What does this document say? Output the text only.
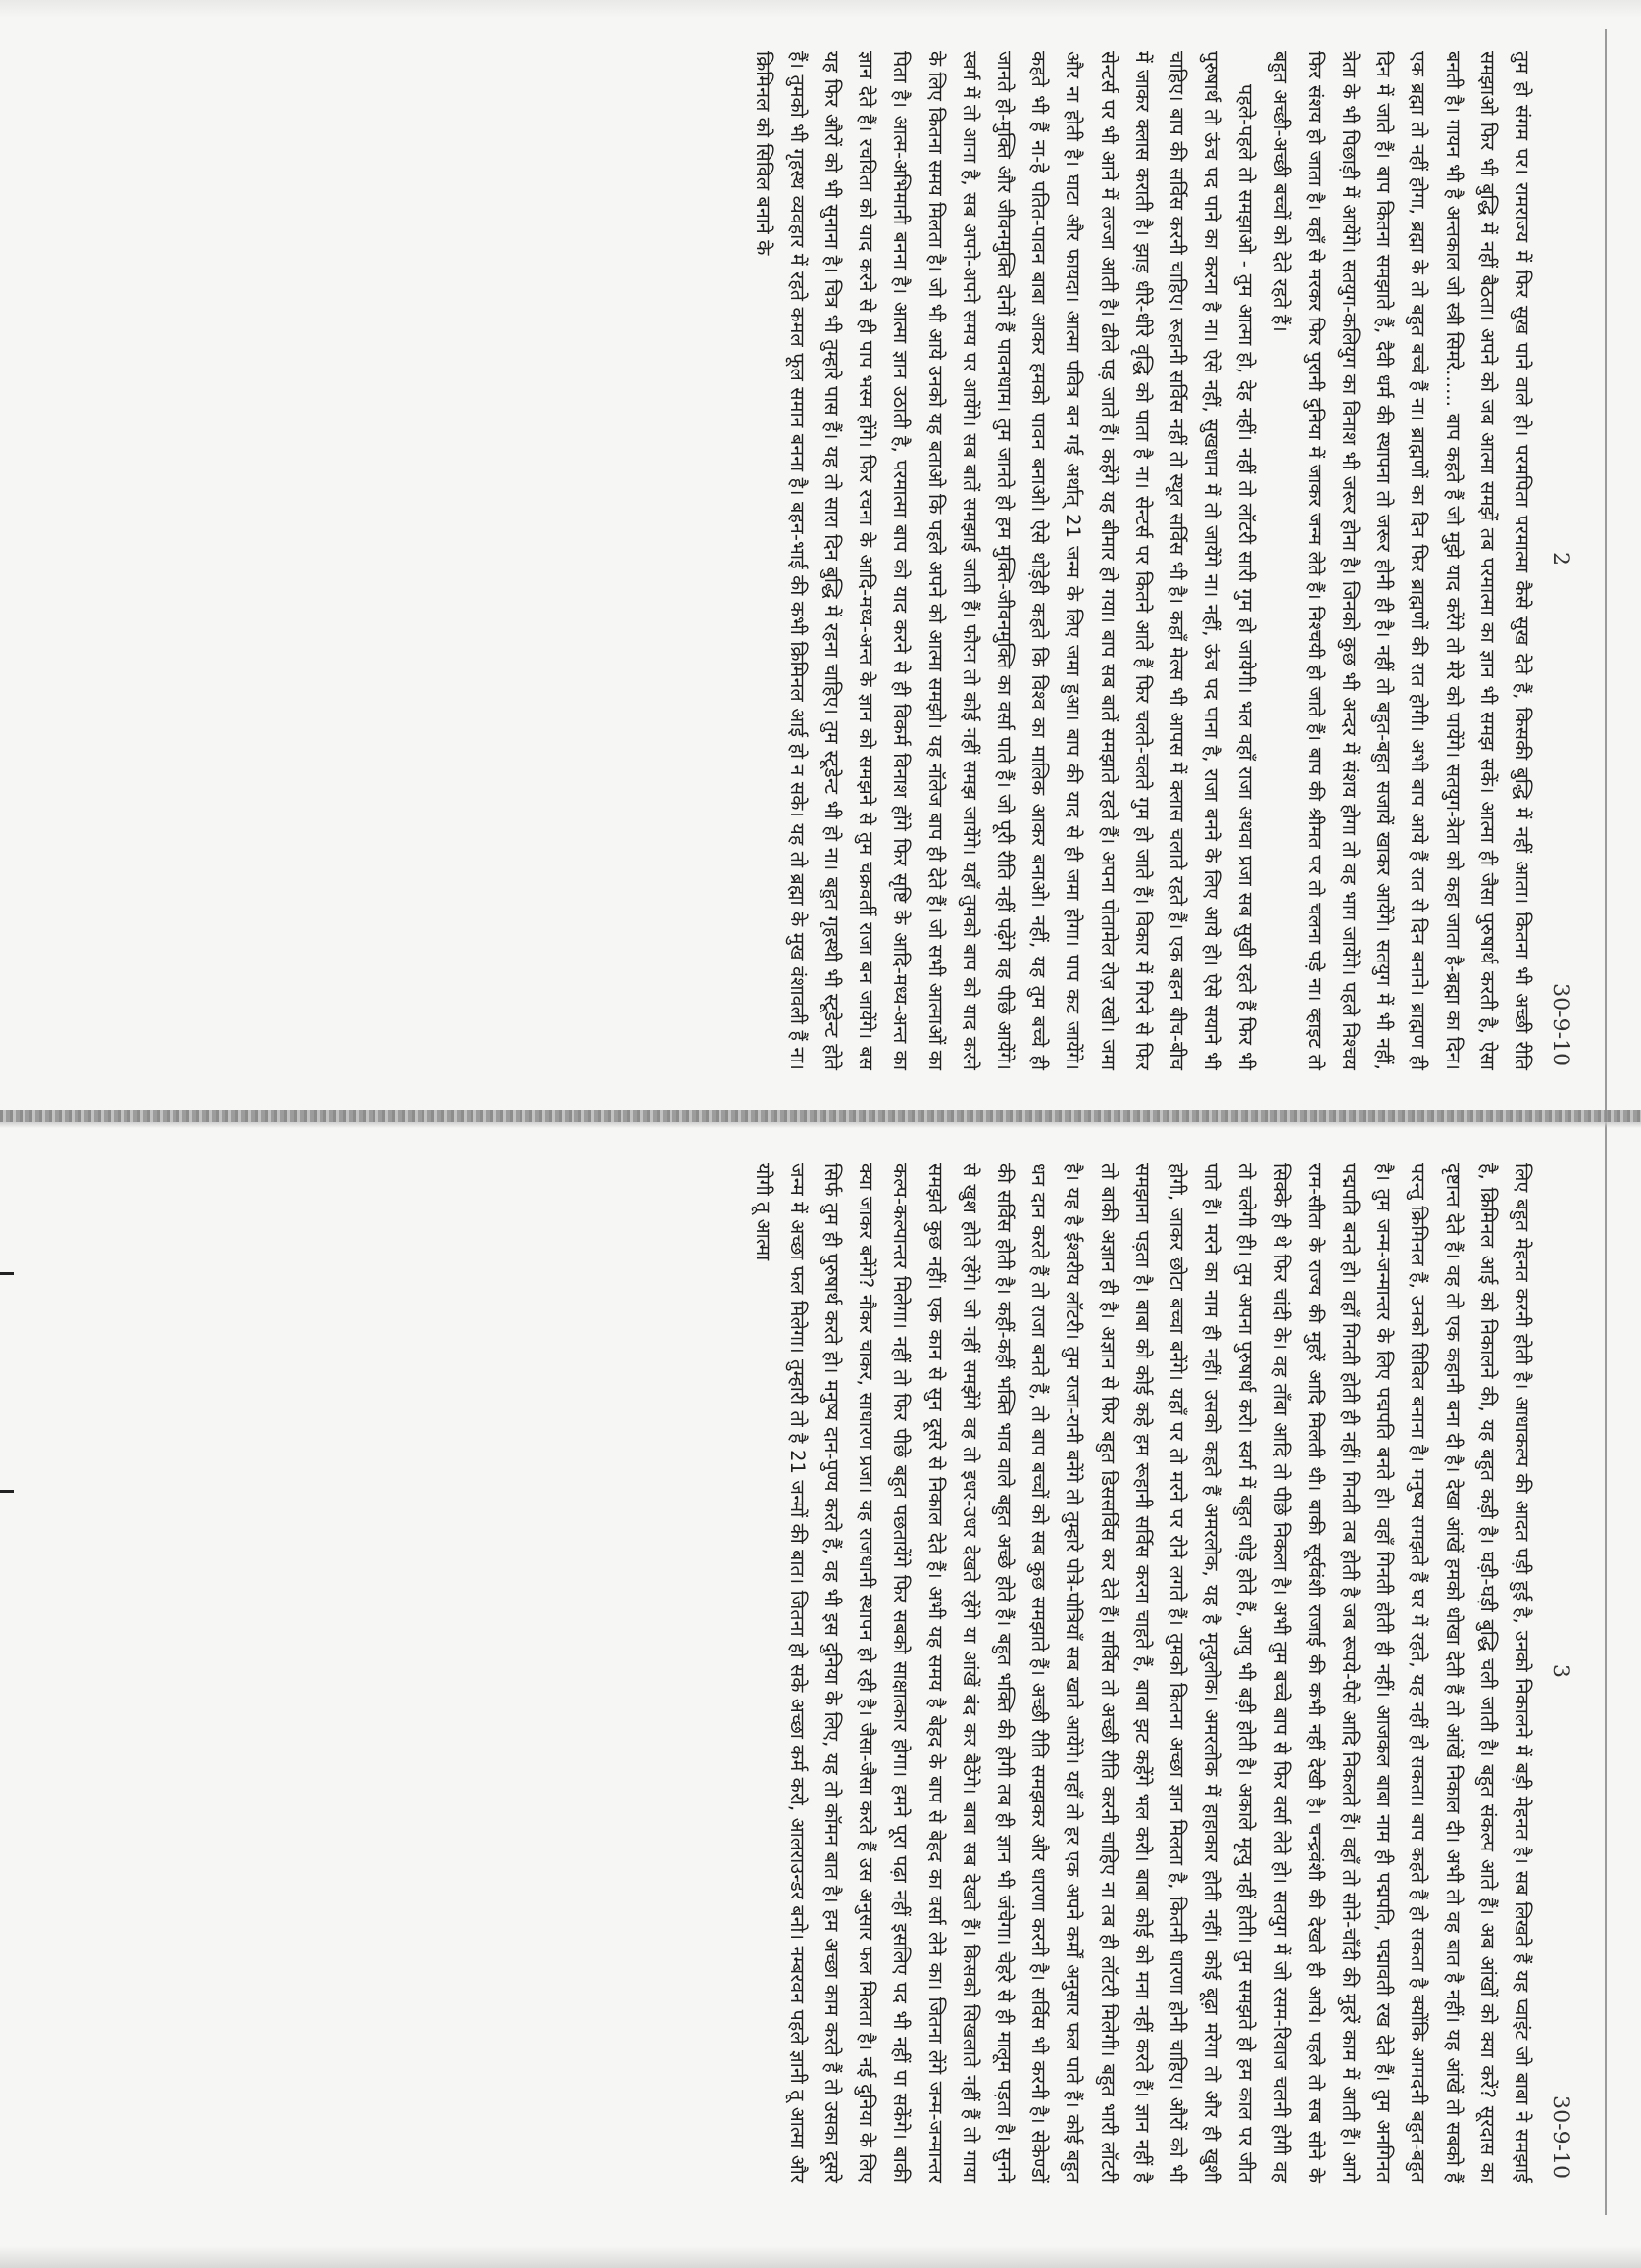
2
30-9-10

तुम हो संगम पर। रामराज्य में फिर सुख पाने वाले हो। परमपिता परमात्मा कैसे सुख देते हैं, किसकी बुद्धि में नहीं आता। कितना भी अच्छी रीति समझाओ फिर भी बुद्धि में नहीं बैठता। अपने को जब आत्मा समझें तब परमात्मा का ज्ञान भी समझ सकें। आत्मा ही जैसा पुरुषार्थ करती है, ऐसा बनती है। गायन भी है अन्तकाल जो स्त्री सिमरे...... बाप कहते हैं जो मुझे याद करेंगे तो मेरे को पायेंगे। सतयुग-त्रेता को कहा जाता है-ब्रह्मा का दिन। एक ब्रह्मा तो नहीं होगा, ब्रह्मा के तो बहुत बच्चे हैं ना। ब्राह्मणों का दिन फिर ब्राह्मणों की रात होगी। अभी बाप आये हैं रात से दिन बनाने। ब्राह्मण ही दिन में जाते हैं। बाप कितना समझाते हैं, दैवी धर्म की स्थापना तो जरूर होनी ही है। नहीं तो बहुत-बहुत सजायें खाकर आयेंगे। सतयुग में भी नहीं, त्रेता के भी पिछाड़ी में आयेंगे। सतयुग-कलियुग का विनाश भी जरूर होना है। जिनको कुछ भी अन्दर में संशय होगा तो वह भाग जायेंगे। पहले निश्चय फिर संशय हो जाता है। वहाँ से मरकर फिर पुरानी दुनिया में जाकर जन्म लेते हैं। निश्चयी हो जाते हैं। बाप की श्रीमत पर तो चलना पड़े ना। व्हाइट तो बहुत अच्छी-अच्छी बच्चों को देते रहते हैं।

पहले-पहले तो समझाओ - तुम आत्मा हो, देह नहीं। नहीं तो लॉटरी सारी गुम हो जायेगी। भल वहाँ राजा अथवा प्रजा सब सुखी रहते हैं फिर भी पुरुषार्थ तो ऊंच पद पाने का करना है ना। ऐसे नहीं, सुखधाम में तो जायेंगे ना। नहीं, ऊंच पद पाना है, राजा बनने के लिए आये हो। ऐसे सयाने भी चाहिए। बाप की सर्विस करनी चाहिए। रूहानी सर्विस नहीं तो स्थूल सर्विस भी है। कहाँ मेल्स भी आपस में क्लास चलाते रहते हैं। एक बहन बीच-बीच में जाकर क्लास कराती है। झाड़ धीरे-धीरे वृद्धि को पाता है ना। सेन्टर्स पर कितने आते हैं फिर चलते-चलते गुम हो जाते हैं। विकार में गिरने से फिर सेन्टर्स पर भी आने में लज्जा आती है। ढीले पड़ जाते हैं। कहेंगे यह बीमार हो गया। बाप सब बातें समझाते रहते हैं। अपना पोतामेल रोज़ रखो। जमा और ना होती है। घाटा और फायदा। आत्मा पवित्र बन गई अर्थात् 21 जन्म के लिए जमा हुआ। बाप की याद से ही जमा होगा। पाप कट जायेंगे। कहते भी हैं ना-हे पतित-पावन बाबा आकर हमको पावन बनाओ। ऐसे थोड़ेही कहते कि विश्व का मालिक आकर बनाओ। नहीं, यह तुम बच्चे ही जानते हो-मुक्ति और जीवनमुक्ति दोनों हैं पावनधाम। तुम जानते हो हम मुक्ति-जीवनमुक्ति का वर्सा पाते हैं। जो पूरी रीति नहीं पढ़ेंगे वह पीछे आयेंगे। स्वर्ग में तो आना है, सब अपने-अपने समय पर आयेंगे। सब बातें समझाई जाती हैं। फौरन तो कोई नहीं समझ जायेंगे। यहाँ तुमको बाप को याद करने के लिए कितना समय मिलता है। जो भी आये उनको यह बताओ कि पहले अपने को आत्मा समझो। यह नॉलेज बाप ही देते हैं। जो सभी आत्माओं का पिता है। आत्म-अभिमानी बनना है। आत्मा ज्ञान उठाती है, परमात्मा बाप को याद करने से ही विकर्म विनाश होंगे फिर सृष्टि के आदि-मध्य-अन्त का ज्ञान देते हैं। रचयिता को याद करने से ही पाप भस्म होंगे। फिर रचना के आदि-मध्य-अन्त के ज्ञान को समझने से तुम चक्रवर्ती राजा बन जायेंगे। बस यह फिर औरों को भी सुनाना है। चित्र भी तुम्हारे पास हैं। यह तो सारा दिन बुद्धि में रहना चाहिए। तुम स्टूडेन्ट भी हो ना। बहुत गृहस्थी भी स्टूडेन्ट होते हैं। तुमको भी गृहस्थ व्यवहार में रहते कमल फूल समान बनना है। बहन-भाई की कभी क्रिमिनल आई हो न सके। यह तो ब्रह्मा के मुख वंशावली हैं ना। क्रिमिनल को सिविल बनाने के

3
30-9-10

लिए बहुत मेहनत करनी होती है। आधाकल्प की आदत पड़ी हुई है, उनको निकालने में बड़ी मेहनत है। सब लिखते हैं यह प्वाइंट जो बाबा ने समझाई है, क्रिमिनल आई को निकालने की, यह बहुत कड़ी है। घड़ी-घड़ी बुद्धि चली जाती है। बहुत संकल्प आते हैं। अब आंखों को क्या करें? सूरदास का दृष्टान्त देते हैं। वह तो एक कहानी बना दी है। देखा आंखें हमको धोखा देती हैं तो आंखें निकाल दी। अभी तो वह बात है नहीं। यह आंखें तो सबको हैं परन्तु क्रिमिनल हैं, उनको सिविल बनाना है। मनुष्य समझते हैं घर में रहते, यह नहीं हो सकता। बाप कहते हैं हो सकता है क्योंकि आमदनी बहुत-बहुत है। तुम जन्म-जन्मान्तर के लिए पद्मपति बनते हो। वहाँ गिनती होती ही नहीं। आजकल बाबा नाम ही पद्मपति, पद्मावती रख देते हैं। तुम अनगिनत पद्मपति बनते हो। वहाँ गिनती होती ही नहीं। गिनती तब होती है जब रूपये-पैसे आदि निकलते हैं। वहाँ तो सोने-चाँदी की मुहरें काम में आती हैं। आगे राम-सीता के राज्य की मुहरें आदि मिलती थी। बाकी सूर्यवंशी राजाई की कभी नहीं देखी है। चन्द्रवंशी की देखते ही आये। पहले तो सब सोने के सिक्के ही थे फिर चांदी के। वह ताँबा आदि तो पीछे निकला है। अभी तुम बच्चे बाप से फिर वर्सा लेते हो। सतयुग में जो रसम-रिवाज चलनी होगी वह तो चलेगी ही। तुम अपना पुरुषार्थ करो। स्वर्ग में बहुत थोड़े होते हैं, आयु भी बड़ी होती है। अकाले मृत्यु नहीं होती। तुम समझते हो हम काल पर जीत पाते हैं। मरने का नाम ही नहीं। उसको कहते हैं अमरलोक, यह है मृत्युलोक। अमरलोक में हाहाकार होती नहीं। कोई बूढ़ा मरेगा तो और ही खुशी होगी, जाकर छोटा बच्चा बनेंगे। यहाँ पर तो मरने पर रोने लगते हैं। तुमको कितना अच्छा ज्ञान मिलता है, कितनी धारणा होनी चाहिए। औरों को भी समझाना पड़ता है। बाबा को कोई कहे हम रूहानी सर्विस करना चाहते हैं, बाबा झट कहेंगे भल करो। बाबा कोई को मना नहीं करते हैं। ज्ञान नहीं है तो बाकी अज्ञान ही है। अज्ञान से फिर बहुत डिससर्विस कर देते हैं। सर्विस तो अच्छी रीति करनी चाहिए ना तब ही लॉटरी मिलेगी। बहुत भारी लॉटरी है। यह है ईश्वरीय लॉटरी। तुम राजा-रानी बनेंगे तो तुम्हारे पोत्रे-पोत्रियाँ सब खाते आयेंगे। यहाँ तो हर एक अपने कर्मों अनुसार फल पाते हैं। कोई बहुत धन दान करते हैं तो राजा बनते हैं, तो बाप बच्चों को सब कुछ समझाते हैं। अच्छी रीति समझकर और धारणा करनी है। सर्विस भी करनी है। सेकेण्डों की सर्विस होती है। कहीं-कहीं भक्ति भाव वाले बहुत अच्छे होते हैं। बहुत भक्ति की होगी तब ही ज्ञान भी जंचेगा। चेहरे से ही मालूम पड़ता है। सुनने से खुश होते रहेंगे। जो नहीं समझेंगे वह तो इधर-उधर देखते रहेंगे या आंखें बंद कर बैठेंगे। बाबा सब देखते हैं। किसको सिखलाते नहीं हैं तो गाया समझते कुछ नहीं। एक कान से सुन दूसरे से निकाल देते हैं। अभी यह समय है बेहद के बाप से बेहद का वर्सा लेने का। जितना लेंगे जन्म-जन्मान्तर कल्प-कल्पान्तर मिलेगा। नहीं तो फिर पीछे बहुत पछतायेंगे फिर सबको साक्षात्कार होगा। हमने पूरा पढ़ा नहीं इसलिए पद भी नहीं पा सकेंगे। बाकी क्या जाकर बनेंगे? नौकर चाकर, साधारण प्रजा। यह राजधानी स्थापन हो रही है। जैसा-जैसा करते हैं उस अनुसार फल मिलता है। नई दुनिया के लिए सिर्फ तुम ही पुरुषार्थ करते हो। मनुष्य दान-पुण्य करते हैं, वह भी इस दुनिया के लिए, यह तो कॉमन बात है। हम अच्छा काम करते हैं तो उसका दूसरे जन्म में अच्छा फल मिलेगा। तुम्हारी तो है 21 जन्मों की बात। जितना हो सके अच्छा कर्म करो, आलराउन्डर बनो। नम्बरवन पहले ज्ञानी तू आत्मा और योगी तू आत्मा
